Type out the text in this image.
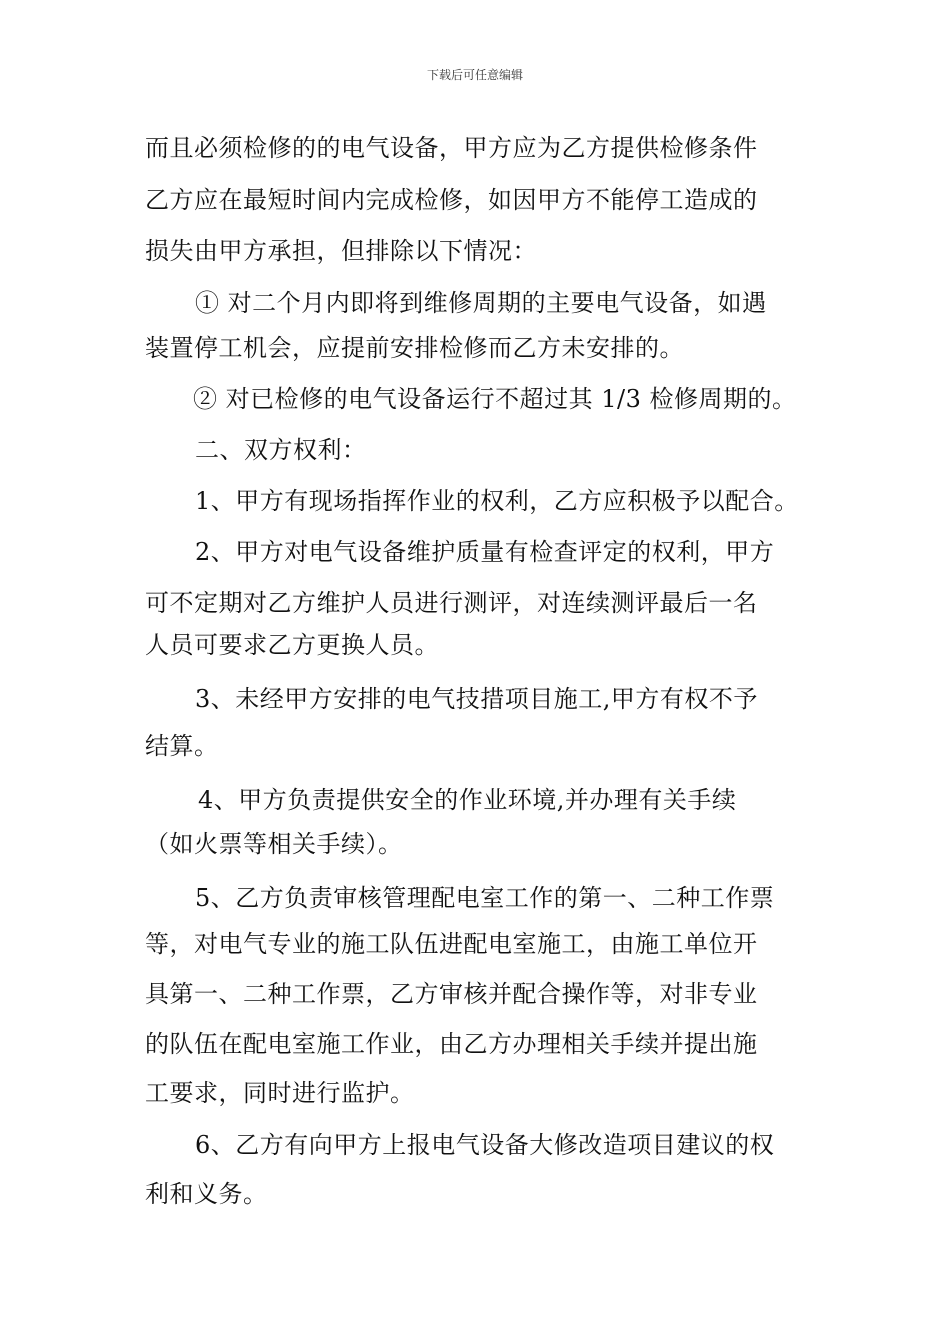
下载后可任意编辑
而且必须检修的的电气设备，甲方应为乙方提供检修条件
乙方应在最短时间内完成检修，如因甲方不能停工造成的
损失由甲方承担，但排除以下情况：
① 对二个月内即将到维修周期的主要电气设备，如遇
装置停工机会，应提前安排检修而乙方未安排的。
② 对已检修的电气设备运行不超过其 1/3 检修周期的。
二、双方权利：
1、甲方有现场指挥作业的权利，乙方应积极予以配合。
2、甲方对电气设备维护质量有检查评定的权利，甲方
可不定期对乙方维护人员进行测评，对连续测评最后一名
人员可要求乙方更换人员。
3、未经甲方安排的电气技措项目施工,甲方有权不予
结算。
4、甲方负责提供安全的作业环境,并办理有关手续
（如火票等相关手续）。
5、乙方负责审核管理配电室工作的第一、二种工作票
等，对电气专业的施工队伍进配电室施工，由施工单位开
具第一、二种工作票，乙方审核并配合操作等，对非专业
的队伍在配电室施工作业，由乙方办理相关手续并提出施
工要求，同时进行监护。
6、乙方有向甲方上报电气设备大修改造项目建议的权
利和义务。
